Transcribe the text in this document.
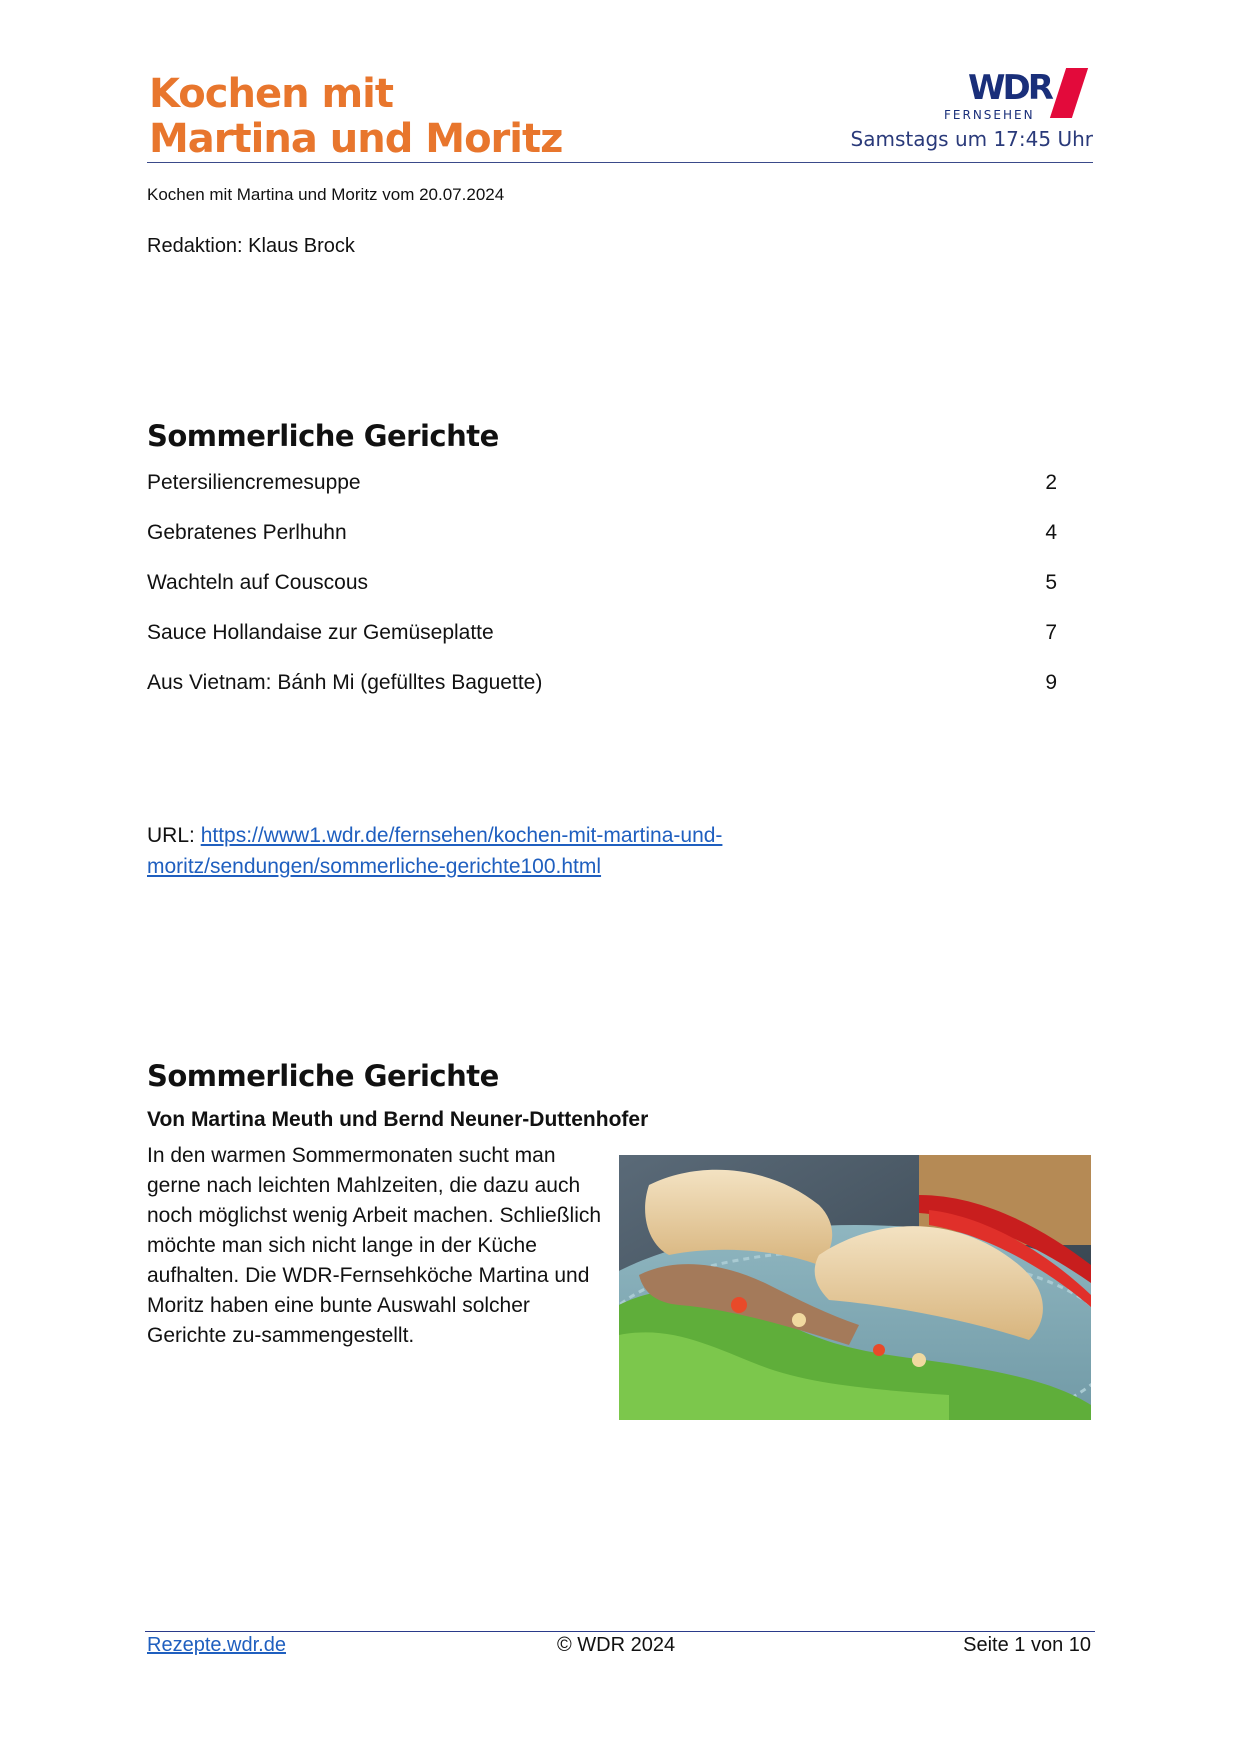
Kochen mit
Martina und Moritz
WDR
FERNSEHEN
Samstags um 17:45 Uhr
Kochen mit Martina und Moritz vom 20.07.2024
Redaktion: Klaus Brock
Sommerliche Gerichte
Petersiliencremesuppe	2
Gebratenes Perlhuhn	4
Wachteln auf Couscous	5
Sauce Hollandaise zur Gemüseplatte	7
Aus Vietnam: Bánh Mi (gefülltes Baguette)	9
URL: https://www1.wdr.de/fernsehen/kochen-mit-martina-und-
moritz/sendungen/sommerliche-gerichte100.html
Sommerliche Gerichte

Von Martina Meuth und Bernd Neuner-Duttenhofer

In den warmen Sommermonaten sucht man gerne nach leichten Mahlzeiten, die dazu auch noch möglichst wenig Arbeit machen. Schließlich möchte man sich nicht lange in der Küche aufhalten. Die WDR-Fernsehköche Martina und Moritz haben eine bunte Auswahl solcher Gerichte zu-sammengestellt.

Rezepte.wdr.de	© WDR 2024	Seite 1 von 10
